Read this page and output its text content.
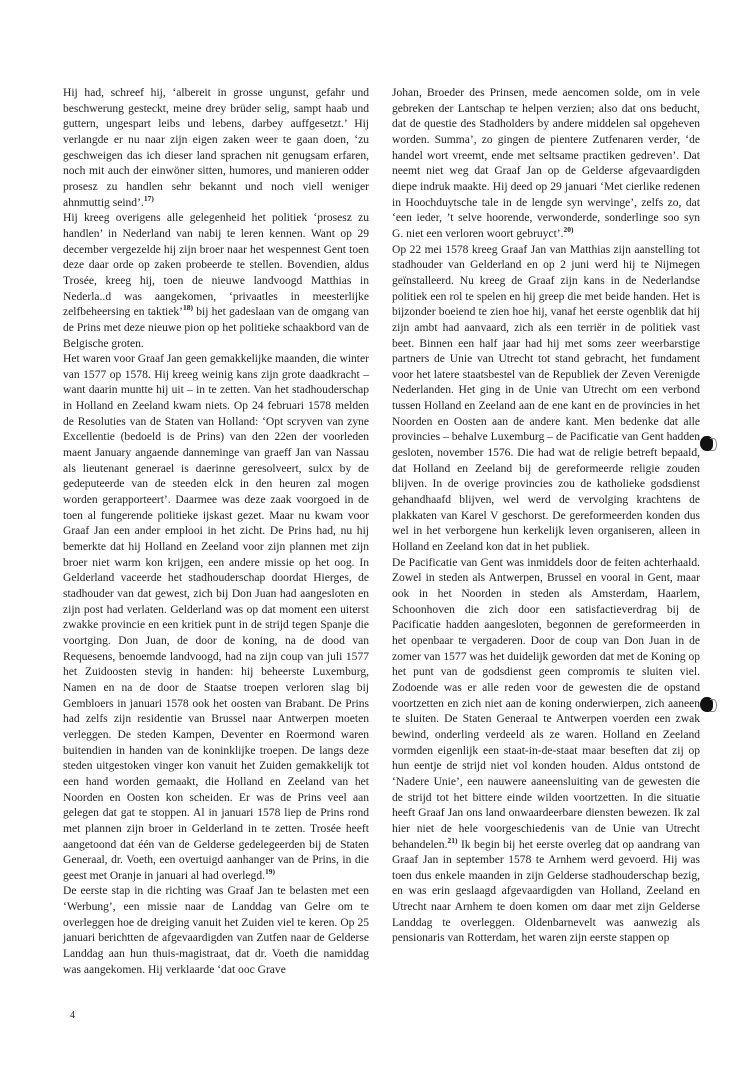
Hij had, schreef hij, ‘albereit in grosse ungunst, gefahr und beschwerung gesteckt, meine drey brüder selig, sampt haab und guttern, ungespart leibs und lebens, darbey auffgesetzt.’ Hij verlangde er nu naar zijn eigen zaken weer te gaan doen, ‘zu geschweigen das ich dieser land sprachen nit genugsam erfaren, noch mit auch der einwöner sitten, humores, und manieren odder prosesz zu handlen sehr bekannt und noch viell weniger ahnmuttig seind’.$^{17)}$

Hij kreeg overigens alle gelegenheid het politiek ‘prosesz zu handlen’ in Nederland van nabij te leren kennen. Want op 29 december vergezelde hij zijn broer naar het wespennest Gent toen deze daar orde op zaken probeerde te stellen. Bovendien, aldus Trosée, kreeg hij, toen de nieuwe landvoogd Matthias in Nederla..d was aangekomen, ‘privaatles in meesterlijke zelfbeheersing en taktiek’$^{18)}$ bij het gadeslaan van de omgang van de Prins met deze nieuwe pion op het politieke schaakbord van de Belgische groten.

Het waren voor Graaf Jan geen gemakkelijke maanden, die winter van 1577 op 1578. Hij kreeg weinig kans zijn grote daadkracht – want daarin muntte hij uit – in te zetten. Van het stadhouderschap in Holland en Zeeland kwam niets. Op 24 februari 1578 melden de Resoluties van de Staten van Holland: ‘Opt scryven van zyne Excellentie (bedoeld is de Prins) van den 22en der voorleden maent January angaende danneminge van graeff Jan van Nassau als lieutenant generael is daerinne geresolveert, sulcx by de gedeputeerde van de steeden elck in den heuren zal mogen worden gerapporteert’. Daarmee was deze zaak voorgoed in de toen al fungerende politieke ijskast gezet. Maar nu kwam voor Graaf Jan een ander emplooi in het zicht. De Prins had, nu hij bemerkte dat hij Holland en Zeeland voor zijn plannen met zijn broer niet warm kon krijgen, een andere missie op het oog. In Gelderland vaceerde het stadhouderschap doordat Hierges, de stadhouder van dat gewest, zich bij Don Juan had aangesloten en zijn post had verlaten. Gelderland was op dat moment een uiterst zwakke provincie en een kritiek punt in de strijd tegen Spanje die voortging. Don Juan, de door de koning, na de dood van Requesens, benoemde landvoogd, had na zijn coup van juli 1577 het Zuidoosten stevig in handen: hij beheerste Luxemburg, Namen en na de door de Staatse troepen verloren slag bij Gembloers in januari 1578 ook het oosten van Brabant. De Prins had zelfs zijn residentie van Brussel naar Antwerpen moeten verleggen. De steden Kampen, Deventer en Roermond waren buitendien in handen van de koninklijke troepen. De langs deze steden uitgestoken vinger kon vanuit het Zuiden gemakkelijk tot een hand worden gemaakt, die Holland en Zeeland van het Noorden en Oosten kon scheiden. Er was de Prins veel aan gelegen dat gat te stoppen. Al in januari 1578 liep de Prins rond met plannen zijn broer in Gelderland in te zetten. Trosée heeft aangetoond dat één van de Gelderse gedelegeerden bij de Staten Generaal, dr. Voeth, een overtuigd aanhanger van de Prins, in die geest met Oranje in januari al had overlegd.$^{19)}$

De eerste stap in die richting was Graaf Jan te belasten met een ‘Werbung’, een missie naar de Landdag van Gelre om te overleggen hoe de dreiging vanuit het Zuiden viel te keren. Op 25 januari berichtten de afgevaardigden van Zutfen naar de Gelderse Landdag aan hun thuis-magistraat, dat dr. Voeth die namiddag was aangekomen. Hij verklaarde ‘dat ooc Grave

Johan, Broeder des Prinsen, mede aencomen solde, om in vele gebreken der Lantschap te helpen verzien; also dat ons beducht, dat de questie des Stadholders by andere middelen sal opgeheven worden. Summa’, zo gingen de pientere Zutfenaren verder, ‘de handel wort vreemt, ende met seltsame practiken gedreven’. Dat neemt niet weg dat Graaf Jan op de Gelderse afgevaardigden diepe indruk maakte. Hij deed op 29 januari ‘Met cierlike redenen in Hoochduytsche tale in de lengde syn wervinge’, zelfs zo, dat ‘een ieder, ’t selve hoorende, verwonderde, sonderlinge soo syn G. niet een verloren woort gebruyct’.$^{20)}$

Op 22 mei 1578 kreeg Graaf Jan van Matthias zijn aanstelling tot stadhouder van Gelderland en op 2 juni werd hij te Nijmegen geïnstalleerd. Nu kreeg de Graaf zijn kans in de Nederlandse politiek een rol te spelen en hij greep die met beide handen. Het is bijzonder boeiend te zien hoe hij, vanaf het eerste ogenblik dat hij zijn ambt had aanvaard, zich als een terriër in de politiek vast beet. Binnen een half jaar had hij met soms zeer weerbarstige partners de Unie van Utrecht tot stand gebracht, het fundament voor het latere staatsbestel van de Republiek der Zeven Verenigde Nederlanden. Het ging in de Unie van Utrecht om een verbond tussen Holland en Zeeland aan de ene kant en de provincies in het Noorden en Oosten aan de andere kant. Men bedenke dat alle provincies – behalve Luxemburg – de Pacificatie van Gent hadden gesloten, november 1576. Die had wat de religie betreft bepaald, dat Holland en Zeeland bij de gereformeerde religie zouden blijven. In de overige provincies zou de katholieke godsdienst gehandhaafd blijven, wel werd de vervolging krachtens de plakkaten van Karel V geschorst. De gereformeerden konden dus wel in het verborgene hun kerkelijk leven organiseren, alleen in Holland en Zeeland kon dat in het publiek.

De Pacificatie van Gent was inmiddels door de feiten achterhaald. Zowel in steden als Antwerpen, Brussel en vooral in Gent, maar ook in het Noorden in steden als Amsterdam, Haarlem, Schoonhoven die zich door een satisfactieverdrag bij de Pacificatie hadden aangesloten, begonnen de gereformeerden in het openbaar te vergaderen. Door de coup van Don Juan in de zomer van 1577 was het duidelijk geworden dat met de Koning op het punt van de godsdienst geen compromis te sluiten viel. Zodoende was er alle reden voor de gewesten die de opstand voortzetten en zich niet aan de koning onderwierpen, zich aaneen te sluiten. De Staten Generaal te Antwerpen voerden een zwak bewind, onderling verdeeld als ze waren. Holland en Zeeland vormden eigenlijk een staat-in-de-staat maar beseften dat zij op hun eentje de strijd niet vol konden houden. Aldus ontstond de ‘Nadere Unie’, een nauwere aaneensluiting van de gewesten die de strijd tot het bittere einde wilden voortzetten. In die situatie heeft Graaf Jan ons land onwaardeerbare diensten bewezen. Ik zal hier niet de hele voorgeschiedenis van de Unie van Utrecht behandelen.$^{21)}$ Ik begin bij het eerste overleg dat op aandrang van Graaf Jan in september 1578 te Arnhem werd gevoerd. Hij was toen dus enkele maanden in zijn Gelderse stadhouderschap bezig, en was erin geslaagd afgevaardigden van Holland, Zeeland en Utrecht naar Arnhem te doen komen om daar met zijn Gelderse Landdag te overleggen. Oldenbarnevelt was aanwezig als pensionaris van Rotterdam, het waren zijn eerste stappen op

4
